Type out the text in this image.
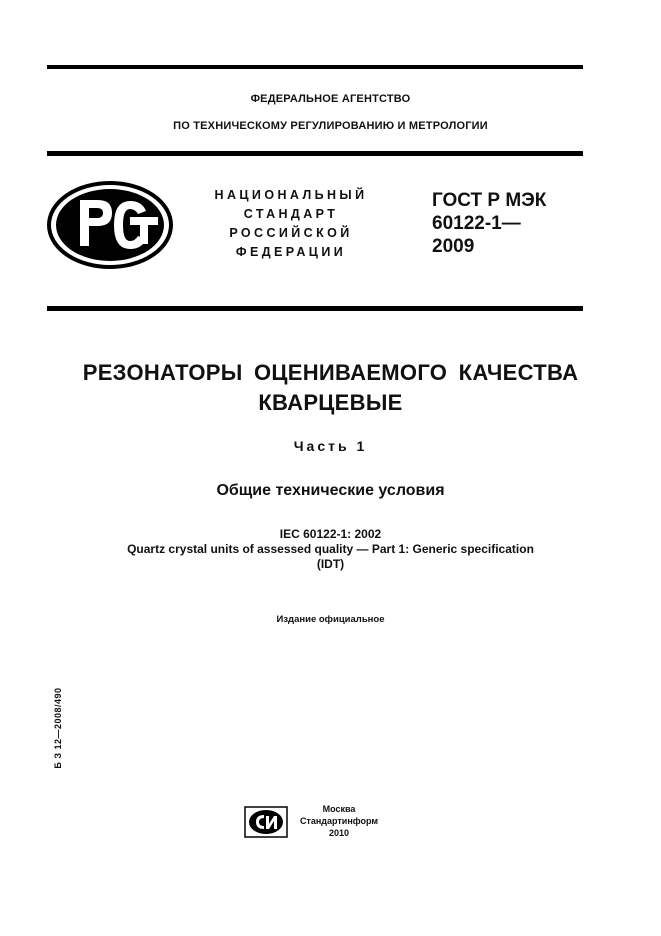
ФЕДЕРАЛЬНОЕ АГЕНТСТВО
ПО ТЕХНИЧЕСКОМУ РЕГУЛИРОВАНИЮ И МЕТРОЛОГИИ
НАЦИОНАЛЬНЫЙ
СТАНДАРТ
РОССИЙСКОЙ
ФЕДЕРАЦИИ
ГОСТ Р МЭК
60122-1—
2009
РЕЗОНАТОРЫ ОЦЕНИВАЕМОГО КАЧЕСТВА
КВАРЦЕВЫЕ
Часть 1
Общие технические условия
IEC 60122-1: 2002
Quartz crystal units of assessed quality — Part 1: Generic specification
(IDT)
Издание официальное
Б З 12—2008/490
Москва
Стандартинформ
2010
